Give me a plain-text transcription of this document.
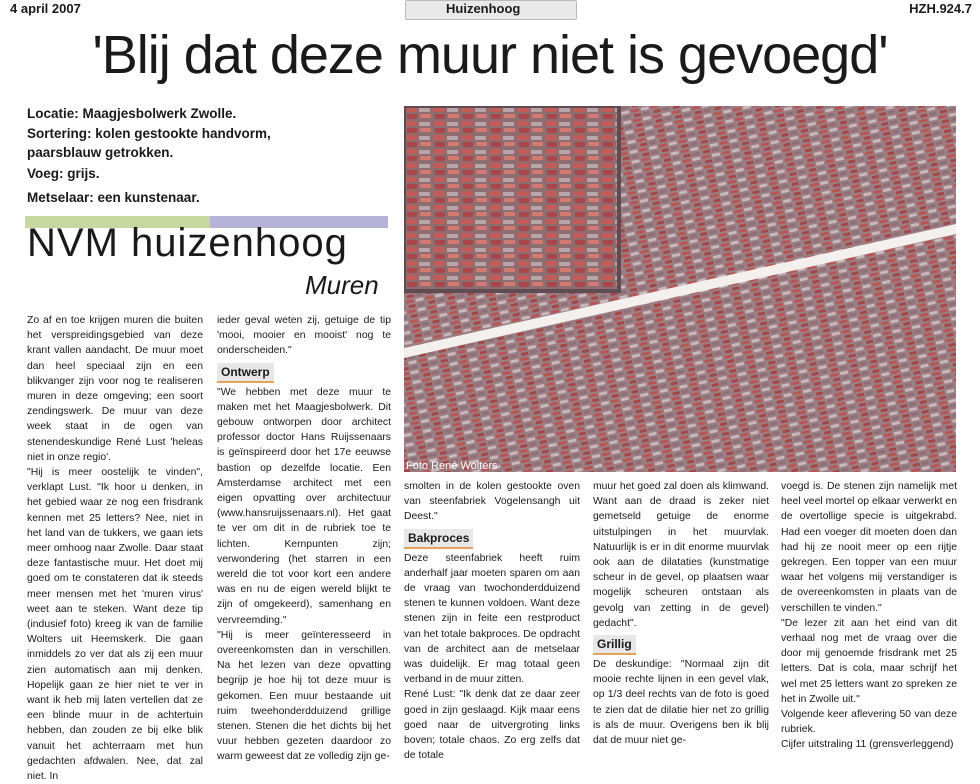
4 april 2007	Huizenhoog	HZH.924.7
'Blij dat deze muur niet is gevoegd'
Locatie: Maagjesbolwerk Zwolle.
Sortering: kolen gestookte handvorm, paarsblauw getrokken.
Voeg: grijs.
Metselaar: een kunstenaar.
NVM huizenhoog
Muren

Zo af en toe krijgen muren die buiten het verspreidingsgebied van deze krant vallen aandacht. De muur moet dan heel speciaal zijn en een blikvanger zijn voor nog te realiseren muren in deze omgeving; een soort zendingswerk. De muur van deze week staat in de ogen van stenendeskundige René Lust 'heleas niet in onze regio'.

"Hij is meer oostelijk te vinden", verklapt Lust. "Ik hoor u denken, in het gebied waar ze nog een frisdrank kennen met 25 letters? Nee, niet in het land van de tukkers, we gaan iets meer omhoog naar Zwolle. Daar staat deze fantastische muur. Het doet mij goed om te constateren dat ik steeds meer mensen met het 'muren virus' weet aan te steken. Want deze tip (indusief foto) kreeg ik van de familie Wolters uit Heemskerk. Die gaan inmiddels zo ver dat als zij een muur zien automatisch aan mij denken. Hopelijk gaan ze hier niet te ver in want ik heb mij laten vertellen dat ze een blinde muur in de achtertuin hebben, dan zouden ze bij elke blik vanuit het achterraam met hun gedachten afdwalen. Nee, dat zal niet. In

ieder geval weten zij, getuige de tip 'mooi, mooier en mooist' nog te onderscheiden."

Ontwerp

"We hebben met deze muur te maken met het Maagjesbolwerk. Dit gebouw ontworpen door architect professor doctor Hans Ruijssenaars is geïnspireerd door het 17e eeuwse bastion op dezelfde locatie. Een Amsterdamse architect met een eigen opvatting over architectuur (www.hansruijssenaars.nl). Het gaat te ver om dit in de rubriek toe te lichten. Kernpunten zijn; verwondering (het starren in een wereld die tot voor kort een andere was en nu de eigen wereld blijkt te zijn of omgekeerd), samenhang en vervreemding."

"Hij is meer geïnteresseerd in overeenkomsten dan in verschillen. Na het lezen van deze opvatting begrijp je hoe hij tot deze muur is gekomen. Een muur bestaande uit ruim tweehonderdduizend grillige stenen. Stenen die het dichts bij het vuur hebben gezeten daardoor zo warm geweest dat ze volledig zijn ge-

Foto René Wolters

smolten in de kolen gestookte oven van steenfabriek Vogelensangh uit Deest."

Bakproces

Deze steenfabriek heeft ruim anderhalf jaar moeten sparen om aan de vraag van twochonderdduizend stenen te kunnen voldoen. Want deze stenen zijn in feite een restproduct van het totale bakproces. De opdracht van de architect aan de metselaar was duidelijk. Er mag totaal geen verband in de muur zitten.

René Lust: "Ik denk dat ze daar zeer goed in zijn geslaagd. Kijk maar eens goed naar de uitvergroting links boven; totale chaos. Zo erg zelfs dat de totale

muur het goed zal doen als klimwand. Want aan de draad is zeker niet gemetseld getuige de enorme uitstulpingen in het muurvlak. Natuurlijk is er in dit enorme muurvlak ook aan de dilataties (kunstmatige scheur in de gevel, op plaatsen waar mogelijk scheuren ontstaan als gevolg van zetting in de gevel) gedacht".

Grillig

De deskundige: "Normaal zijn dit mooie rechte lijnen in een gevel vlak, op 1/3 deel rechts van de foto is goed te zien dat de dilatie hier net zo grillig is als de muur. Overigens ben ik blij dat de muur niet ge-

voegd is. De stenen zijn namelijk met heel veel mortel op elkaar verwerkt en de overtollige specie is uitgekrabd. Had een voeger dit moeten doen dan had hij ze nooit meer op een rijtje gekregen. Een topper van een muur waar het volgens mij verstandiger is de overeenkomsten in plaats van de verschillen te vinden."

"De lezer zit aan het eind van dit verhaal nog met de vraag over die door mij genoemde frisdrank met 25 letters. Dat is cola, maar schrijf het wel met 25 letters want zo spreken ze het in Zwolle uit."

Volgende keer aflevering 50 van deze rubriek.

Cijfer uitstraling 11 (grensverleggend)
